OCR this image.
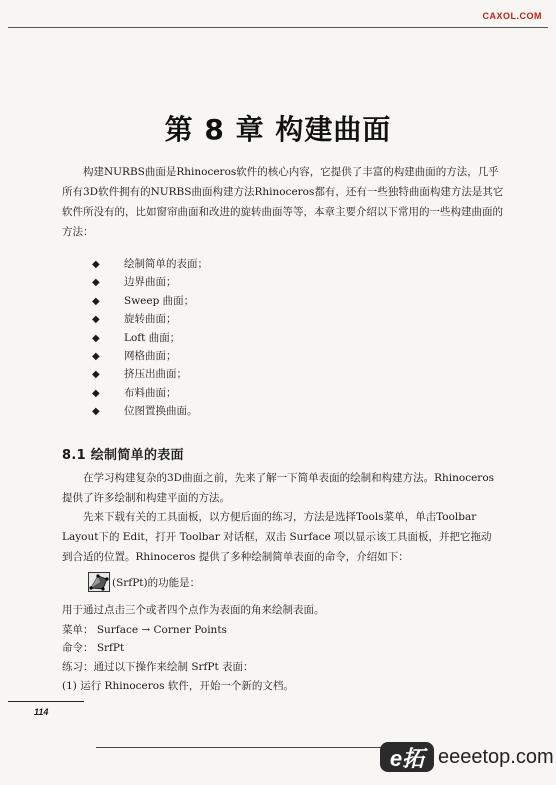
CAXOL.COM
第 8 章 构建曲面

构建NURBS曲面是Rhinoceros软件的核心内容，它提供了丰富的构建曲面的方法，几乎所有3D软件拥有的NURBS曲面构建方法Rhinoceros都有，还有一些独特曲面构建方法是其它软件所没有的，比如窗帘曲面和改进的旋转曲面等等，本章主要介绍以下常用的一些构建曲面的方法：

◆ 绘制简单的表面；
◆ 边界曲面；
◆ Sweep 曲面；
◆ 旋转曲面；
◆ Loft 曲面；
◆ 网格曲面；
◆ 挤压出曲面；
◆ 布料曲面；
◆ 位图置换曲面。
8.1 绘制简单的表面

在学习构建复杂的3D曲面之前，先来了解一下简单表面的绘制和构建方法。Rhinoceros 提供了许多绘制和构建平面的方法。

先来下载有关的工具面板，以方便后面的练习，方法是选择Tools菜单，单击Toolbar Layout下的 Edit，打开 Toolbar 对话框，双击 Surface 项以显示该工具面板，并把它拖动到合适的位置。Rhinoceros 提供了多种绘制简单表面的命令，介绍如下：

(SrfPt)的功能是：
用于通过点击三个或者四个点作为表面的角来绘制表面。
菜单： Surface → Corner Points
命令： SrfPt
练习：通过以下操作来绘制 SrfPt 表面：
(1) 运行 Rhinoceros 软件，开始一个新的文档。
114
e拓 eeeetop.com
